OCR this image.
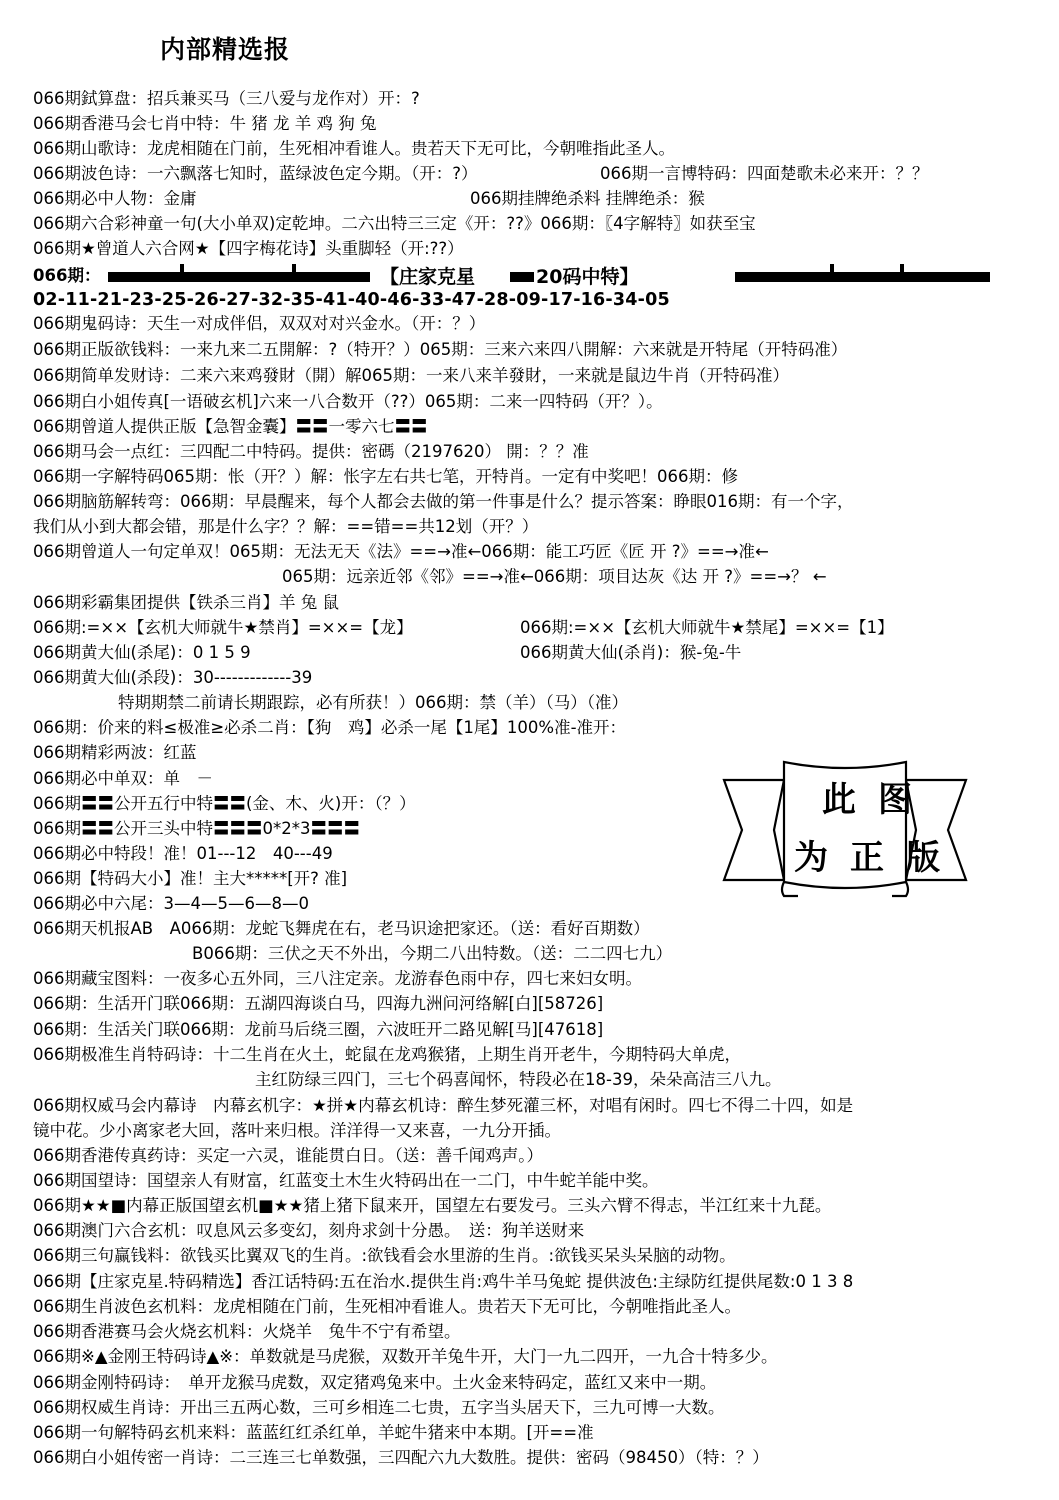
内部精选报
066期鉽算盘：招兵兼买马（三八爱与龙作对）开：?
066期香港马会七肖中特：牛 猪 龙 羊 鸡 狗 兔
066期山歌诗：龙虎相随在门前，生死相冲看谁人。贵若天下无可比，今朝唯指此圣人。
066期波色诗：一六飘落七知时，蓝绿波色定今期。（开：?）	066期一言博特码：四面楚歌未必来开：？？
066期必中人物：金庸	066期挂牌绝杀料 挂牌绝杀：猴
066期六合彩神童一句(大小单双)定乾坤。二六出特三三定《开：??》066期：〖4字解特〗如获至宝
066期★曾道人六合网★【四字梅花诗】头重脚轻（开:??）
066期：	【庄家克星	20码中特】
02-11-21-23-25-26-27-32-35-41-40-46-33-47-28-09-17-16-34-05
066期鬼码诗：天生一对成伴侣，双双对对兴金水。（开：？）
066期正版欲钱料：一来九来二五開解：?（特开？）065期：三来六来四八開解：六来就是开特尾（开特码准）
066期简单发财诗：二来六来鸡發財（開）解065期：一来八来羊發財，一来就是鼠边牛肖（开特码准）
066期白小姐传真[一语破玄机]六来一八合数开（??）065期：二来一四特码（开？）。
066期曾道人提供正版【急智金囊】〓〓一零六七〓〓
066期马会一点红：三四配二中特码。提供：密碼（2197620） 開：？？准
066期一字解特码065期：怅（开？）解：怅字左右共七笔，开特肖。一定有中奖吧！066期：修
066期脑筋解转弯：066期：早晨醒来，每个人都会去做的第一件事是什么？提示答案：睁眼016期：有一个字，
我们从小到大都会错，那是什么字？？解：==错==共12划（开？）
066期曾道人一句定单双！065期：无法无天《法》==→准←066期：能工巧匠《匠 开 ?》==→准←
065期：远亲近邻《邻》==→准←066期：项目达灰《达 开 ?》==→？ ←
066期彩霸集团提供【铁杀三肖】羊 兔 鼠
066期:=××【玄机大师就牛★禁肖】=××=【龙】	066期:=××【玄机大师就牛★禁尾】=××=【1】
066期黄大仙(杀尾)：0 1 5 9	066期黄大仙(杀肖)：猴-兔-牛
066期黄大仙(杀段)：30-------------39
特期期禁二前请长期跟踪，必有所获！）066期：禁（羊）（马）（准）
066期：价来的料≤极准≥必杀二肖：【狗　鸡】必杀一尾【1尾】100%准-准开：
066期精彩两波：红蓝
066期必中单双：单　－
066期〓〓公开五行中特〓〓(金、木、火)开：（？）
066期〓〓公开三头中特〓〓〓0*2*3〓〓〓
066期必中特段！准！01---12　40---49
066期【特码大小】准！主大*****[开? 准]
066期必中六尾：3—4—5—6—8—0
066期天机报AB　A066期：龙蛇飞舞虎在右，老马识途把家还。（送：看好百期数）
B066期：三伏之天不外出，今期二八出特数。（送：二二四七九）
066期藏宝图料：一夜多心五外同，三八注定亲。龙游春色雨中存，四七来妇女明。
066期：生活开门联066期：五湖四海谈白马，四海九洲问河络解[白][58726]
066期：生活关门联066期：龙前马后绕三圈，六波旺开二路见解[马][47618]
066期极准生肖特码诗：十二生肖在火土，蛇鼠在龙鸡猴猪，上期生肖开老牛，今期特码大单虎，
主红防绿三四门，三七个码喜闻怀，特段必在18-39，朵朵高洁三八九。
066期权威马会内幕诗　内幕玄机字：★拼★内幕玄机诗：醉生梦死灌三杯，对唱有闲时。四七不得二十四，如是
镜中花。少小离家老大回，落叶来归根。洋洋得一又来喜，一九分开插。
066期香港传真药诗：买定一六灵，谁能贯白日。（送：善千闻鸡声。）
066期国望诗：国望亲人有财富，红蓝变土木生火特码出在一二门，中牛蛇羊能中奖。
066期★★■内幕正版国望玄机■★★猪上猪下鼠来开，国望左右要发弓。三头六臂不得志，半江红来十九琵。
066期澳门六合玄机：叹息风云多变幻，刻舟求剑十分愚。　送：狗羊送财来
066期三句赢钱料：欲钱买比翼双飞的生肖。:欲钱看会水里游的生肖。:欲钱买呆头呆脑的动物。
066期【庄家克星.特码精选】香江话特码:五在治水.提供生肖:鸡牛羊马兔蛇 提供波色:主绿防红提供尾数:0 1 3 8
066期生肖波色玄机料：龙虎相随在门前，生死相冲看谁人。贵若天下无可比，今朝唯指此圣人。
066期香港赛马会火烧玄机料：火烧羊　兔牛不宁有希望。
066期※▲金刚王特码诗▲※：单数就是马虎猴，双数开羊兔牛开，大门一九二四开，一九合十特多少。
066期金刚特码诗：　单开龙猴马虎数，双定猪鸡兔来中。土火金来特码定，蓝红又来中一期。
066期权威生肖诗：开出三五两心数，三可乡相连二七贵，五字当头居天下，三九可博一大数。
066期一句解特码玄机来料：蓝蓝红红杀红单，羊蛇牛猪来中本期。[开==准
066期白小姐传密一肖诗：二三连三七单数强，三四配六九大数胜。提供：密码（98450）（特：？）
此图
为正版
